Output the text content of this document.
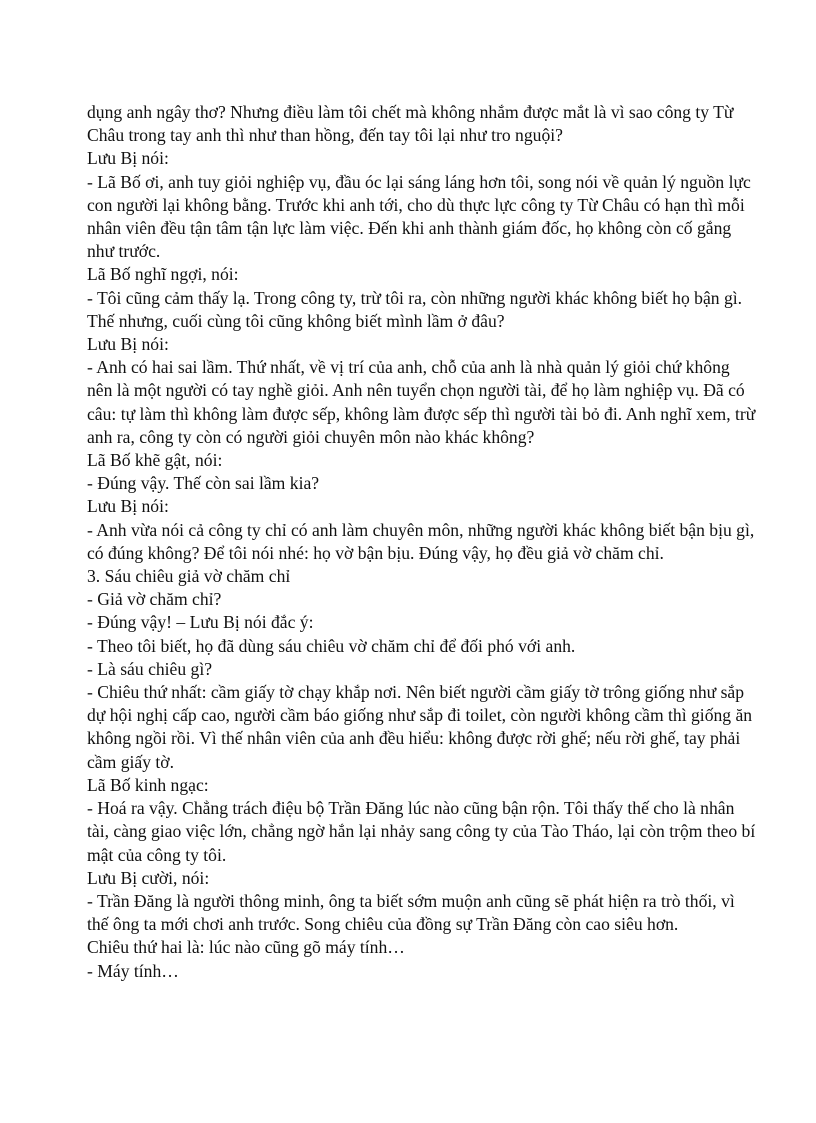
dụng anh ngây thơ? Nhưng điều làm tôi chết mà không nhắm được mắt là vì sao công ty Từ Châu trong tay anh thì như than hồng, đến tay tôi lại như tro nguội?

Lưu Bị nói:

- Lã Bố ơi, anh tuy giỏi nghiệp vụ, đầu óc lại sáng láng hơn tôi, song nói về quản lý nguồn lực con người lại không bằng. Trước khi anh tới, cho dù thực lực công ty Từ Châu có hạn thì mỗi nhân viên đều tận tâm tận lực làm việc. Đến khi anh thành giám đốc, họ không còn cố gắng như trước.

Lã Bố nghĩ ngợi, nói:

- Tôi cũng cảm thấy lạ. Trong công ty, trừ tôi ra, còn những người khác không biết họ bận gì. Thế nhưng, cuối cùng tôi cũng không biết mình lầm ở đâu?

Lưu Bị nói:

- Anh có hai sai lầm. Thứ nhất, về vị trí của anh, chỗ của anh là nhà quản lý giỏi chứ không nên là một người có tay nghề giỏi. Anh nên tuyển chọn người tài, để họ làm nghiệp vụ. Đã có câu: tự làm thì không làm được sếp, không làm được sếp thì người tài bỏ đi. Anh nghĩ xem, trừ anh ra, công ty còn có người giỏi chuyên môn nào khác không?

Lã Bố khẽ gật, nói:

- Đúng vậy. Thế còn sai lầm kia?

Lưu Bị nói:

- Anh vừa nói cả công ty chỉ có anh làm chuyên môn, những người khác không biết bận bịu gì, có đúng không? Để tôi nói nhé: họ vờ bận bịu. Đúng vậy, họ đều giả vờ chăm chỉ.

3. Sáu chiêu giả vờ chăm chỉ

- Giả vờ chăm chỉ?

- Đúng vậy! – Lưu Bị nói đắc ý:

- Theo tôi biết, họ đã dùng sáu chiêu vờ chăm chỉ để đối phó với anh.

- Là sáu chiêu gì?

- Chiêu thứ nhất: cầm giấy tờ chạy khắp nơi. Nên biết người cầm giấy tờ trông giống như sắp dự hội nghị cấp cao, người cầm báo giống như sắp đi toilet, còn người không cầm thì giống ăn không ngồi rồi. Vì thế nhân viên của anh đều hiểu: không được rời ghế; nếu rời ghế, tay phải cầm giấy tờ.

Lã Bố kinh ngạc:

- Hoá ra vậy. Chẳng trách điệu bộ Trần Đăng lúc nào cũng bận rộn. Tôi thấy thế cho là nhân tài, càng giao việc lớn, chẳng ngờ hắn lại nhảy sang công ty của Tào Tháo, lại còn trộm theo bí mật của công ty tôi.

Lưu Bị cười, nói:

- Trần Đăng là người thông minh, ông ta biết sớm muộn anh cũng sẽ phát hiện ra trò thối, vì thế ông ta mới chơi anh trước. Song chiêu của đồng sự Trần Đăng còn cao siêu hơn.

Chiêu thứ hai là: lúc nào cũng gõ máy tính…

- Máy tính…
